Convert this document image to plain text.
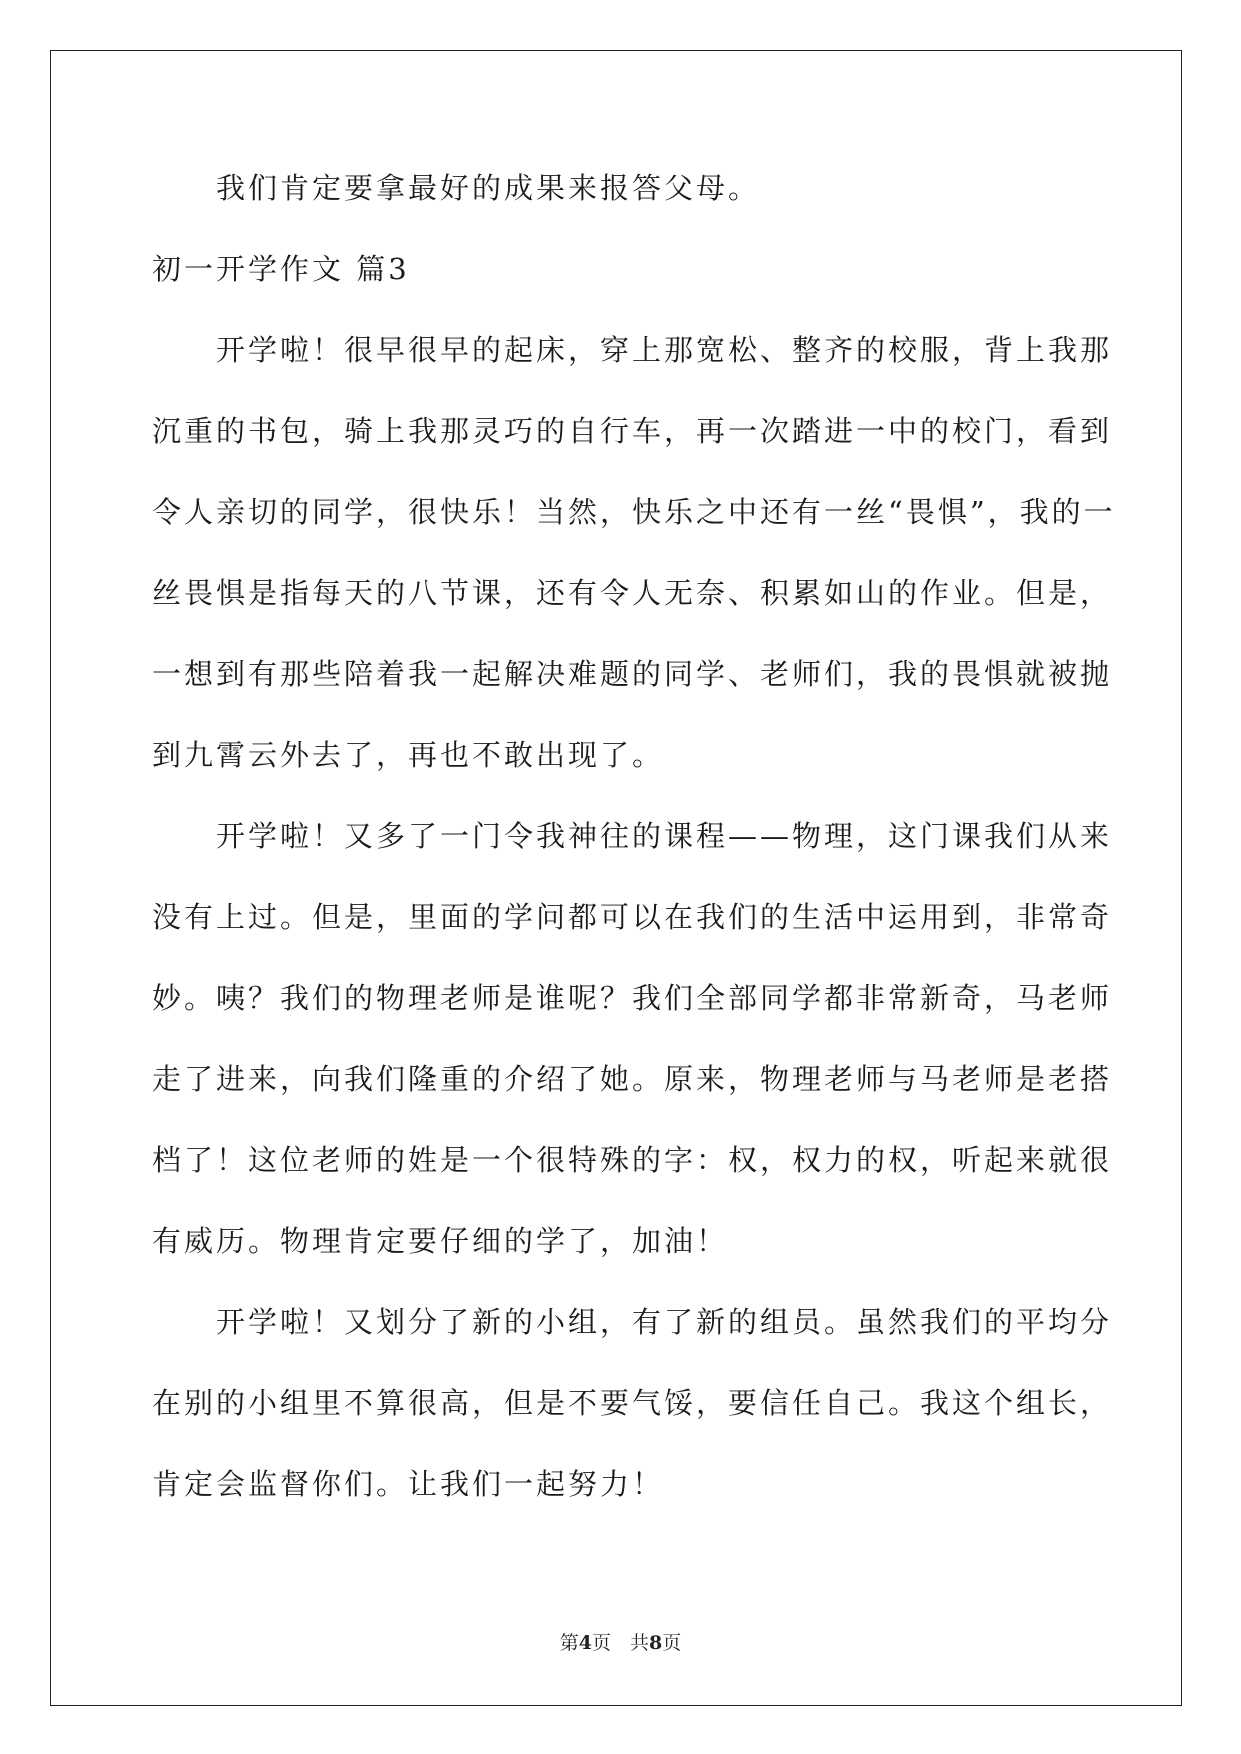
我们肯定要拿最好的成果来报答父母。
初一开学作文 篇3
开学啦！很早很早的起床，穿上那宽松、整齐的校服，背上我那
沉重的书包，骑上我那灵巧的自行车，再一次踏进一中的校门，看到
令人亲切的同学，很快乐！当然，快乐之中还有一丝“畏惧”，我的一
丝畏惧是指每天的八节课，还有令人无奈、积累如山的作业。但是，
一想到有那些陪着我一起解决难题的同学、老师们，我的畏惧就被抛
到九霄云外去了，再也不敢出现了。
开学啦！又多了一门令我神往的课程——物理，这门课我们从来
没有上过。但是，里面的学问都可以在我们的生活中运用到，非常奇
妙。咦？我们的物理老师是谁呢？我们全部同学都非常新奇，马老师
走了进来，向我们隆重的介绍了她。原来，物理老师与马老师是老搭
档了！这位老师的姓是一个很特殊的字：权，权力的权，听起来就很
有威历。物理肯定要仔细的学了，加油！
开学啦！又划分了新的小组，有了新的组员。虽然我们的平均分
在别的小组里不算很高，但是不要气馁，要信任自己。我这个组长，
肯定会监督你们。让我们一起努力！
第4页　共8页
